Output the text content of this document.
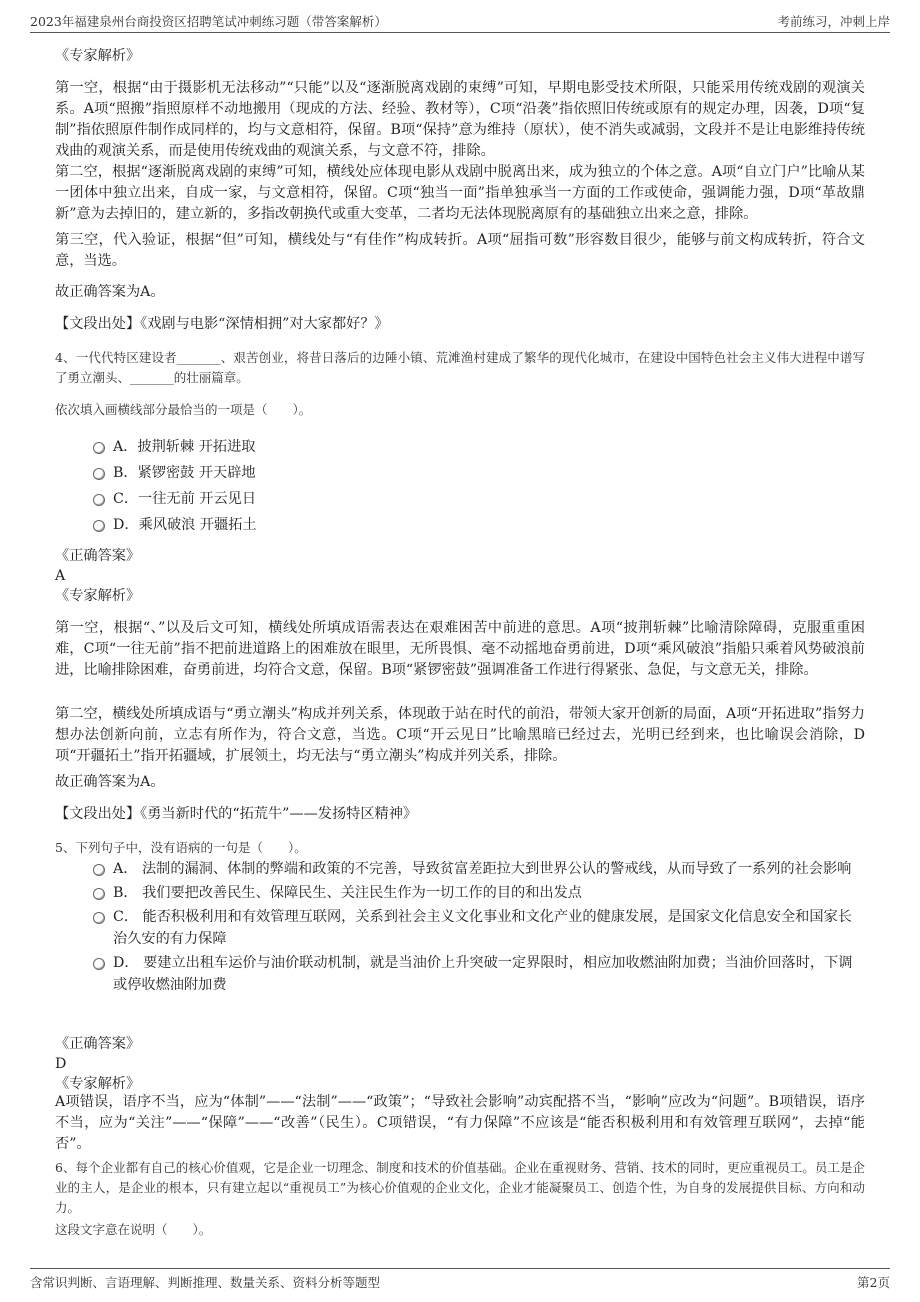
2023年福建泉州台商投资区招聘笔试冲刺练习题（带答案解析）	考前练习，冲刺上岸

《专家解析》

第一空，根据“由于摄影机无法移动”“只能”以及“逐渐脱离戏剧的束缚”可知，早期电影受技术所限，只能采用传统戏剧的观演关系。A项“照搬”指照原样不动地搬用（现成的方法、经验、教材等），C项“沿袭”指依照旧传统或原有的规定办理，因袭，D项“复制”指依照原件制作成同样的，均与文意相符，保留。B项“保持”意为维持（原状），使不消失或减弱，文段并不是让电影维持传统戏曲的观演关系，而是使用传统戏曲的观演关系，与文意不符，排除。

第二空，根据“逐渐脱离戏剧的束缚”可知，横线处应体现电影从戏剧中脱离出来，成为独立的个体之意。A项“自立门户”比喻从某一团体中独立出来，自成一家，与文意相符，保留。C项“独当一面”指单独承当一方面的工作或使命，强调能力强，D项“革故鼎新”意为去掉旧的，建立新的，多指改朝换代或重大变革，二者均无法体现脱离原有的基础独立出来之意，排除。

第三空，代入验证，根据“但”可知，横线处与“有佳作”构成转折。A项“屈指可数”形容数目很少，能够与前文构成转折，符合文意，当选。

故正确答案为A。

【文段出处】《戏剧与电影“深情相拥”对大家都好？》

4、一代代特区建设者_______、艰苦创业，将昔日落后的边陲小镇、荒滩渔村建成了繁华的现代化城市，在建设中国特色社会主义伟大进程中谱写了勇立潮头、_______的壮丽篇章。

依次填入画横线部分最恰当的一项是（　　）。

A．披荆斩棘 开拓进取
B．紧锣密鼓 开天辟地
C．一往无前 开云见日
D．乘风破浪 开疆拓土

《正确答案》

A

《专家解析》

第一空，根据“、”以及后文可知，横线处所填成语需表达在艰难困苦中前进的意思。A项“披荆斩棘”比喻清除障碍，克服重重困难，C项“一往无前”指不把前进道路上的困难放在眼里，无所畏惧、毫不动摇地奋勇前进，D项“乘风破浪”指船只乘着风势破浪前进，比喻排除困难，奋勇前进，均符合文意，保留。B项“紧锣密鼓”强调准备工作进行得紧张、急促，与文意无关，排除。

第二空，横线处所填成语与“勇立潮头”构成并列关系，体现敢于站在时代的前沿，带领大家开创新的局面，A项“开拓进取”指努力想办法创新向前，立志有所作为，符合文意，当选。C项“开云见日”比喻黑暗已经过去，光明已经到来，也比喻误会消除，D项“开疆拓土”指开拓疆域，扩展领土，均无法与“勇立潮头”构成并列关系，排除。

故正确答案为A。

【文段出处】《勇当新时代的“拓荒牛”——发扬特区精神》

5、下列句子中，没有语病的一句是（　　）。

A． 法制的漏洞、体制的弊端和政策的不完善，导致贫富差距拉大到世界公认的警戒线，从而导致了一系列的社会影响
B． 我们要把改善民生、保障民生、关注民生作为一切工作的目的和出发点
C． 能否积极利用和有效管理互联网，关系到社会主义文化事业和文化产业的健康发展，是国家文化信息安全和国家长治久安的有力保障
D． 要建立出租车运价与油价联动机制，就是当油价上升突破一定界限时，相应加收燃油附加费；当油价回落时，下调或停收燃油附加费

《正确答案》

D

《专家解析》

A项错误，语序不当，应为“体制”——“法制”——“政策”；“导致社会影响”动宾配搭不当，“影响”应改为“问题”。B项错误，语序不当，应为“关注”——“保障”——“改善”（民生）。C项错误，“有力保障”不应该是“能否积极利用和有效管理互联网”，去掉“能否”。

6、每个企业都有自己的核心价值观，它是企业一切理念、制度和技术的价值基础。企业在重视财务、营销、技术的同时，更应重视员工。员工是企业的主人，是企业的根本，只有建立起以“重视员工”为核心价值观的企业文化，企业才能凝聚员工、创造个性，为自身的发展提供目标、方向和动力。

这段文字意在说明（　　）。

含常识判断、言语理解、判断推理、数量关系、资料分析等题型	第2页
